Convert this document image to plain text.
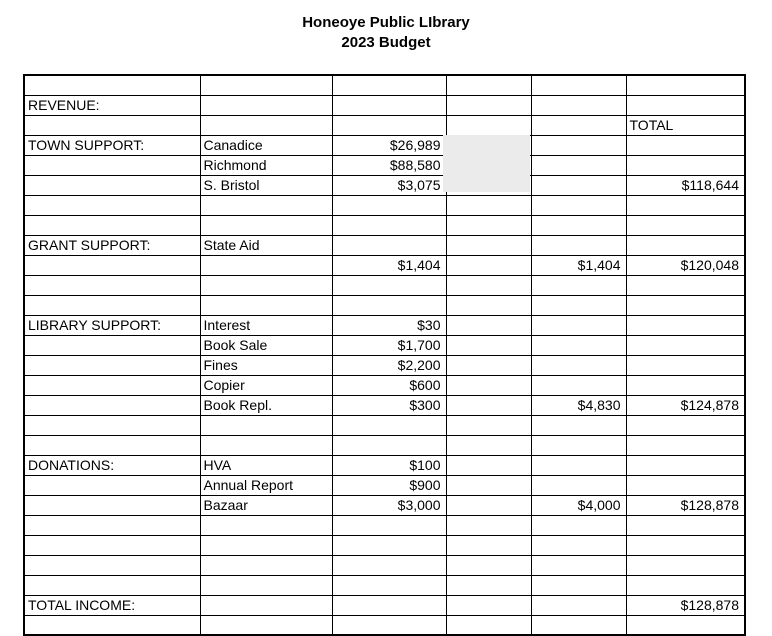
Honeoye Public LIbrary
2023 Budget

REVENUE:					
					TOTAL
TOWN SUPPORT:	Canadice	$26,989			
	Richmond	$88,580			
	S. Bristol	$3,075			$118,644

GRANT SUPPORT:	State Aid				
		$1,404		$1,404	$120,048

LIBRARY SUPPORT:	Interest	$30			
	Book Sale	$1,700			
	Fines	$2,200			
	Copier	$600			
	Book Repl.	$300		$4,830	$124,878

DONATIONS:	HVA	$100			
	Annual Report	$900			
	Bazaar	$3,000		$4,000	$128,878

TOTAL INCOME:					$128,878
